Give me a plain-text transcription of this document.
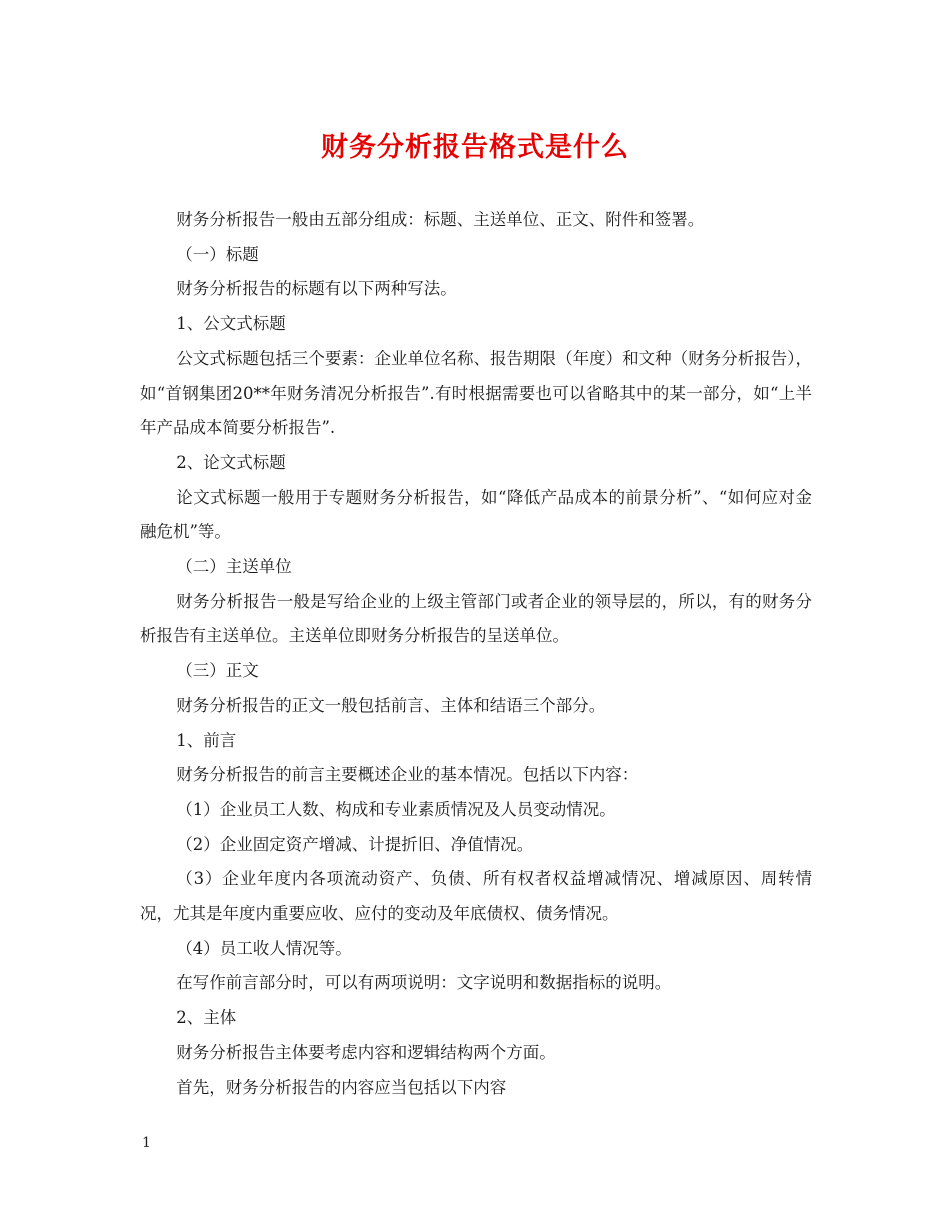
财务分析报告格式是什么

财务分析报告一般由五部分组成：标题、主送单位、正文、附件和签署。

（一）标题

财务分析报告的标题有以下两种写法。

1、公文式标题

公文式标题包括三个要素：企业单位名称、报告期限（年度）和文种（财务分析报告），如“首钢集团20**年财务清况分析报告”.有时根据需要也可以省略其中的某一部分，如“上半年产品成本简要分析报告”.

2、论文式标题

论文式标题一般用于专题财务分析报告，如“降低产品成本的前景分析”、“如何应对金融危机”等。

（二）主送单位

财务分析报告一般是写给企业的上级主管部门或者企业的领导层的，所以，有的财务分析报告有主送单位。主送单位即财务分析报告的呈送单位。

（三）正文

财务分析报告的正文一般包括前言、主体和结语三个部分。

1、前言

财务分析报告的前言主要概述企业的基本情况。包括以下内容：

（1）企业员工人数、构成和专业素质情况及人员变动情况。

（2）企业固定资产增减、计提折旧、净值情况。

（3）企业年度内各项流动资产、负债、所有权者权益增减情况、增减原因、周转情况，尤其是年度内重要应收、应付的变动及年底债权、债务情况。

（4）员工收人情况等。

在写作前言部分时，可以有两项说明：文字说明和数据指标的说明。

2、主体

财务分析报告主体要考虑内容和逻辑结构两个方面。

首先，财务分析报告的内容应当包括以下内容

1
